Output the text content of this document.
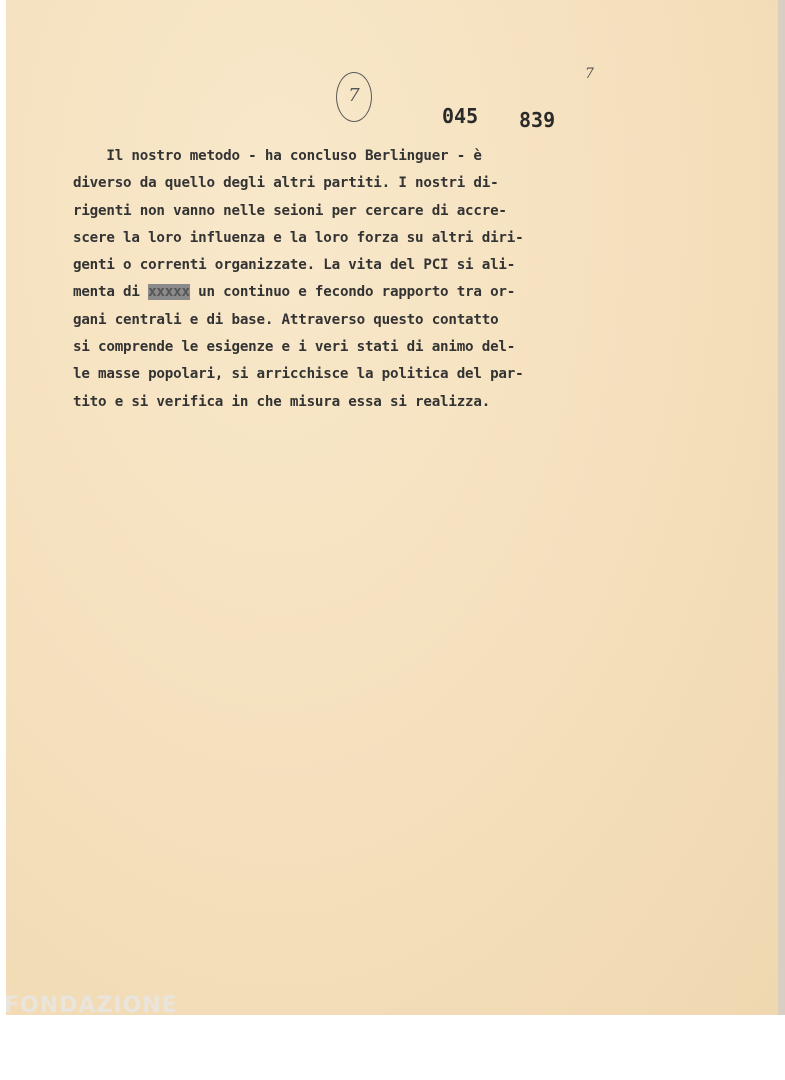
7
7
045 839
Il nostro metodo - ha concluso Berlinguer - è
diverso da quello degli altri partiti. I nostri di-
rigenti non vanno nelle seioni per cercare di accre-
scere la loro influenza e la loro forza su altri diri-
genti o correnti organizzate. La vita del PCI si ali-
menta di xxxxx un continuo e fecondo rapporto tra or-
gani centrali e di base. Attraverso questo contatto
si comprende le esigenze e i veri stati di animo del-
le masse popolari, si arricchisce la politica del par-
tito e si verifica in che misura essa si realizza.
FONDAZIONE
